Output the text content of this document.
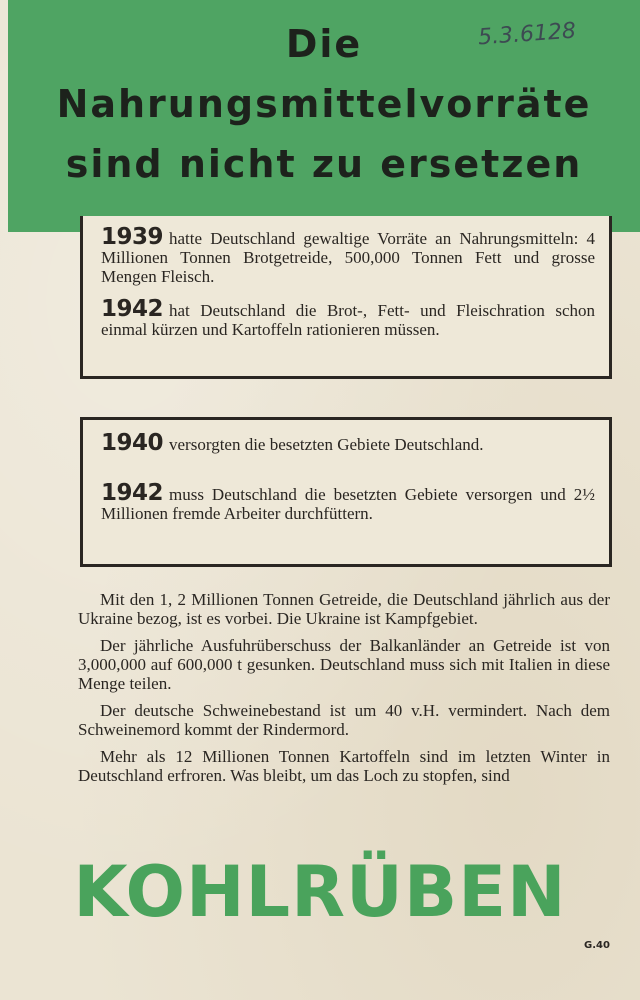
Die
Nahrungsmittelvorräte
sind nicht zu ersetzen
5.3.6128
1939 hatte Deutschland gewaltige Vorräte an Nahrungsmitteln: 4 Millionen Tonnen Brotgetreide, 500,000 Tonnen Fett und grosse Mengen Fleisch.
1942 hat Deutschland die Brot-, Fett- und Fleischration schon einmal kürzen und Kartoffeln rationieren müssen.
1940 versorgten die besetzten Gebiete Deutschland.
1942 muss Deutschland die besetzten Gebiete versorgen und 2½ Millionen fremde Arbeiter durchfüttern.

Mit den 1, 2 Millionen Tonnen Getreide, die Deutschland jährlich aus der Ukraine bezog, ist es vorbei. Die Ukraine ist Kampfgebiet.

Der jährliche Ausfuhrüberschuss der Balkanländer an Getreide ist von 3,000,000 auf 600,000 t gesunken. Deutschland muss sich mit Italien in diese Menge teilen.

Der deutsche Schweinebestand ist um 40 v.H. vermindert. Nach dem Schweinemord kommt der Rindermord.

Mehr als 12 Millionen Tonnen Kartoffeln sind im letzten Winter in Deutschland erfroren. Was bleibt, um das Loch zu stopfen, sind

KOHLRÜBEN
G.40
